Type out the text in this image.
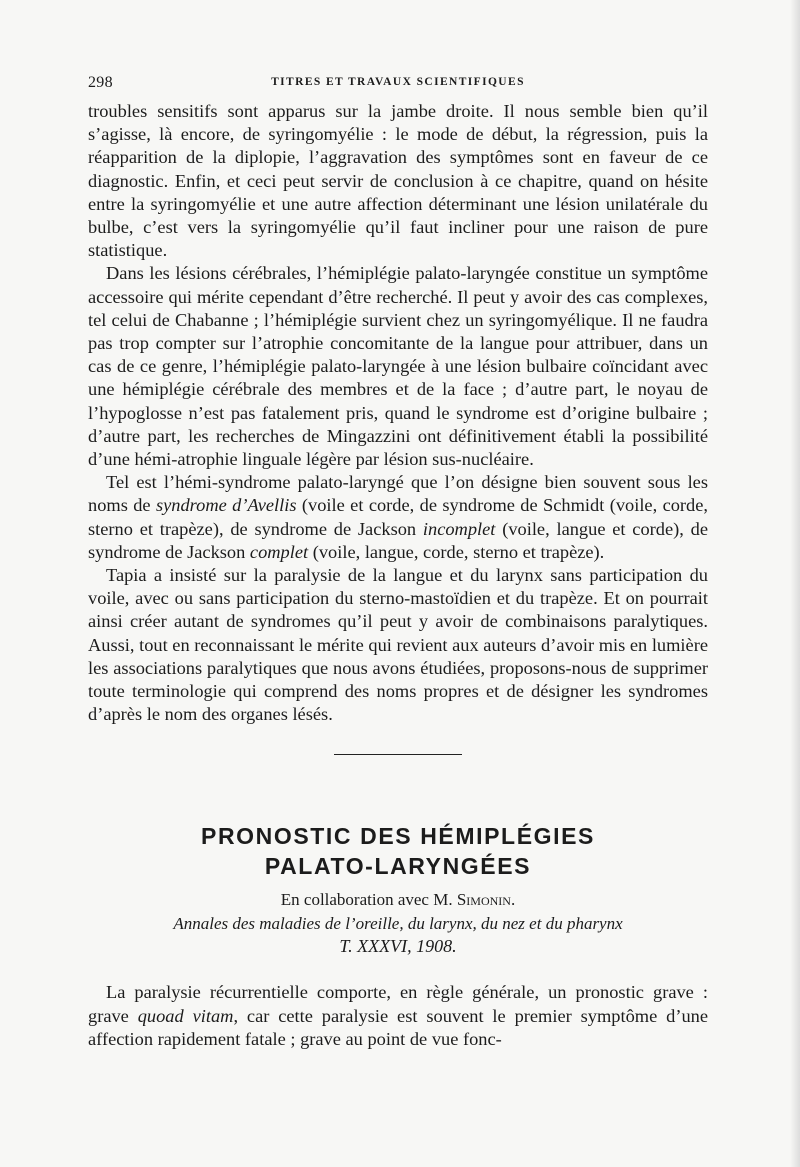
298	TITRES ET TRAVAUX SCIENTIFIQUES

troubles sensitifs sont apparus sur la jambe droite. Il nous semble bien qu’il s’agisse, là encore, de syringomyélie : le mode de début, la régression, puis la réapparition de la diplopie, l’aggravation des symptômes sont en faveur de ce diagnostic. Enfin, et ceci peut servir de conclusion à ce chapitre, quand on hésite entre la syringomyélie et une autre affection déterminant une lésion unilatérale du bulbe, c’est vers la syringomyélie qu’il faut incliner pour une raison de pure statistique.

Dans les lésions cérébrales, l’hémiplégie palato-laryngée constitue un symptôme accessoire qui mérite cependant d’être recherché. Il peut y avoir des cas complexes, tel celui de Chabanne ; l’hémiplégie survient chez un syringomyélique. Il ne faudra pas trop compter sur l’atrophie concomitante de la langue pour attribuer, dans un cas de ce genre, l’hémiplégie palato-laryngée à une lésion bulbaire coïncidant avec une hémiplégie cérébrale des membres et de la face ; d’autre part, le noyau de l’hypoglosse n’est pas fatalement pris, quand le syndrome est d’origine bulbaire ; d’autre part, les recherches de Mingazzini ont définitivement établi la possibilité d’une hémi-atrophie linguale légère par lésion sus-nucléaire.

Tel est l’hémi-syndrome palato-laryngé que l’on désigne bien souvent sous les noms de syndrome d’Avellis (voile et corde, de syndrome de Schmidt (voile, corde, sterno et trapèze), de syndrome de Jackson incomplet (voile, langue et corde), de syndrome de Jackson complet (voile, langue, corde, sterno et trapèze).

Tapia a insisté sur la paralysie de la langue et du larynx sans participation du voile, avec ou sans participation du sterno-mastoïdien et du trapèze. Et on pourrait ainsi créer autant de syndromes qu’il peut y avoir de combinaisons paralytiques. Aussi, tout en reconnaissant le mérite qui revient aux auteurs d’avoir mis en lumière les associations paralytiques que nous avons étudiées, proposons-nous de supprimer toute terminologie qui comprend des noms propres et de désigner les syndromes d’après le nom des organes lésés.

PRONOSTIC DES HÉMIPLÉGIES
PALATO-LARYNGÉES
En collaboration avec M. Simonin.
Annales des maladies de l’oreille, du larynx, du nez et du pharynx
T. XXXVI, 1908.

La paralysie récurrentielle comporte, en règle générale, un pronostic grave : grave quoad vitam, car cette paralysie est souvent le premier symptôme d’une affection rapidement fatale ; grave au point de vue fonc-
